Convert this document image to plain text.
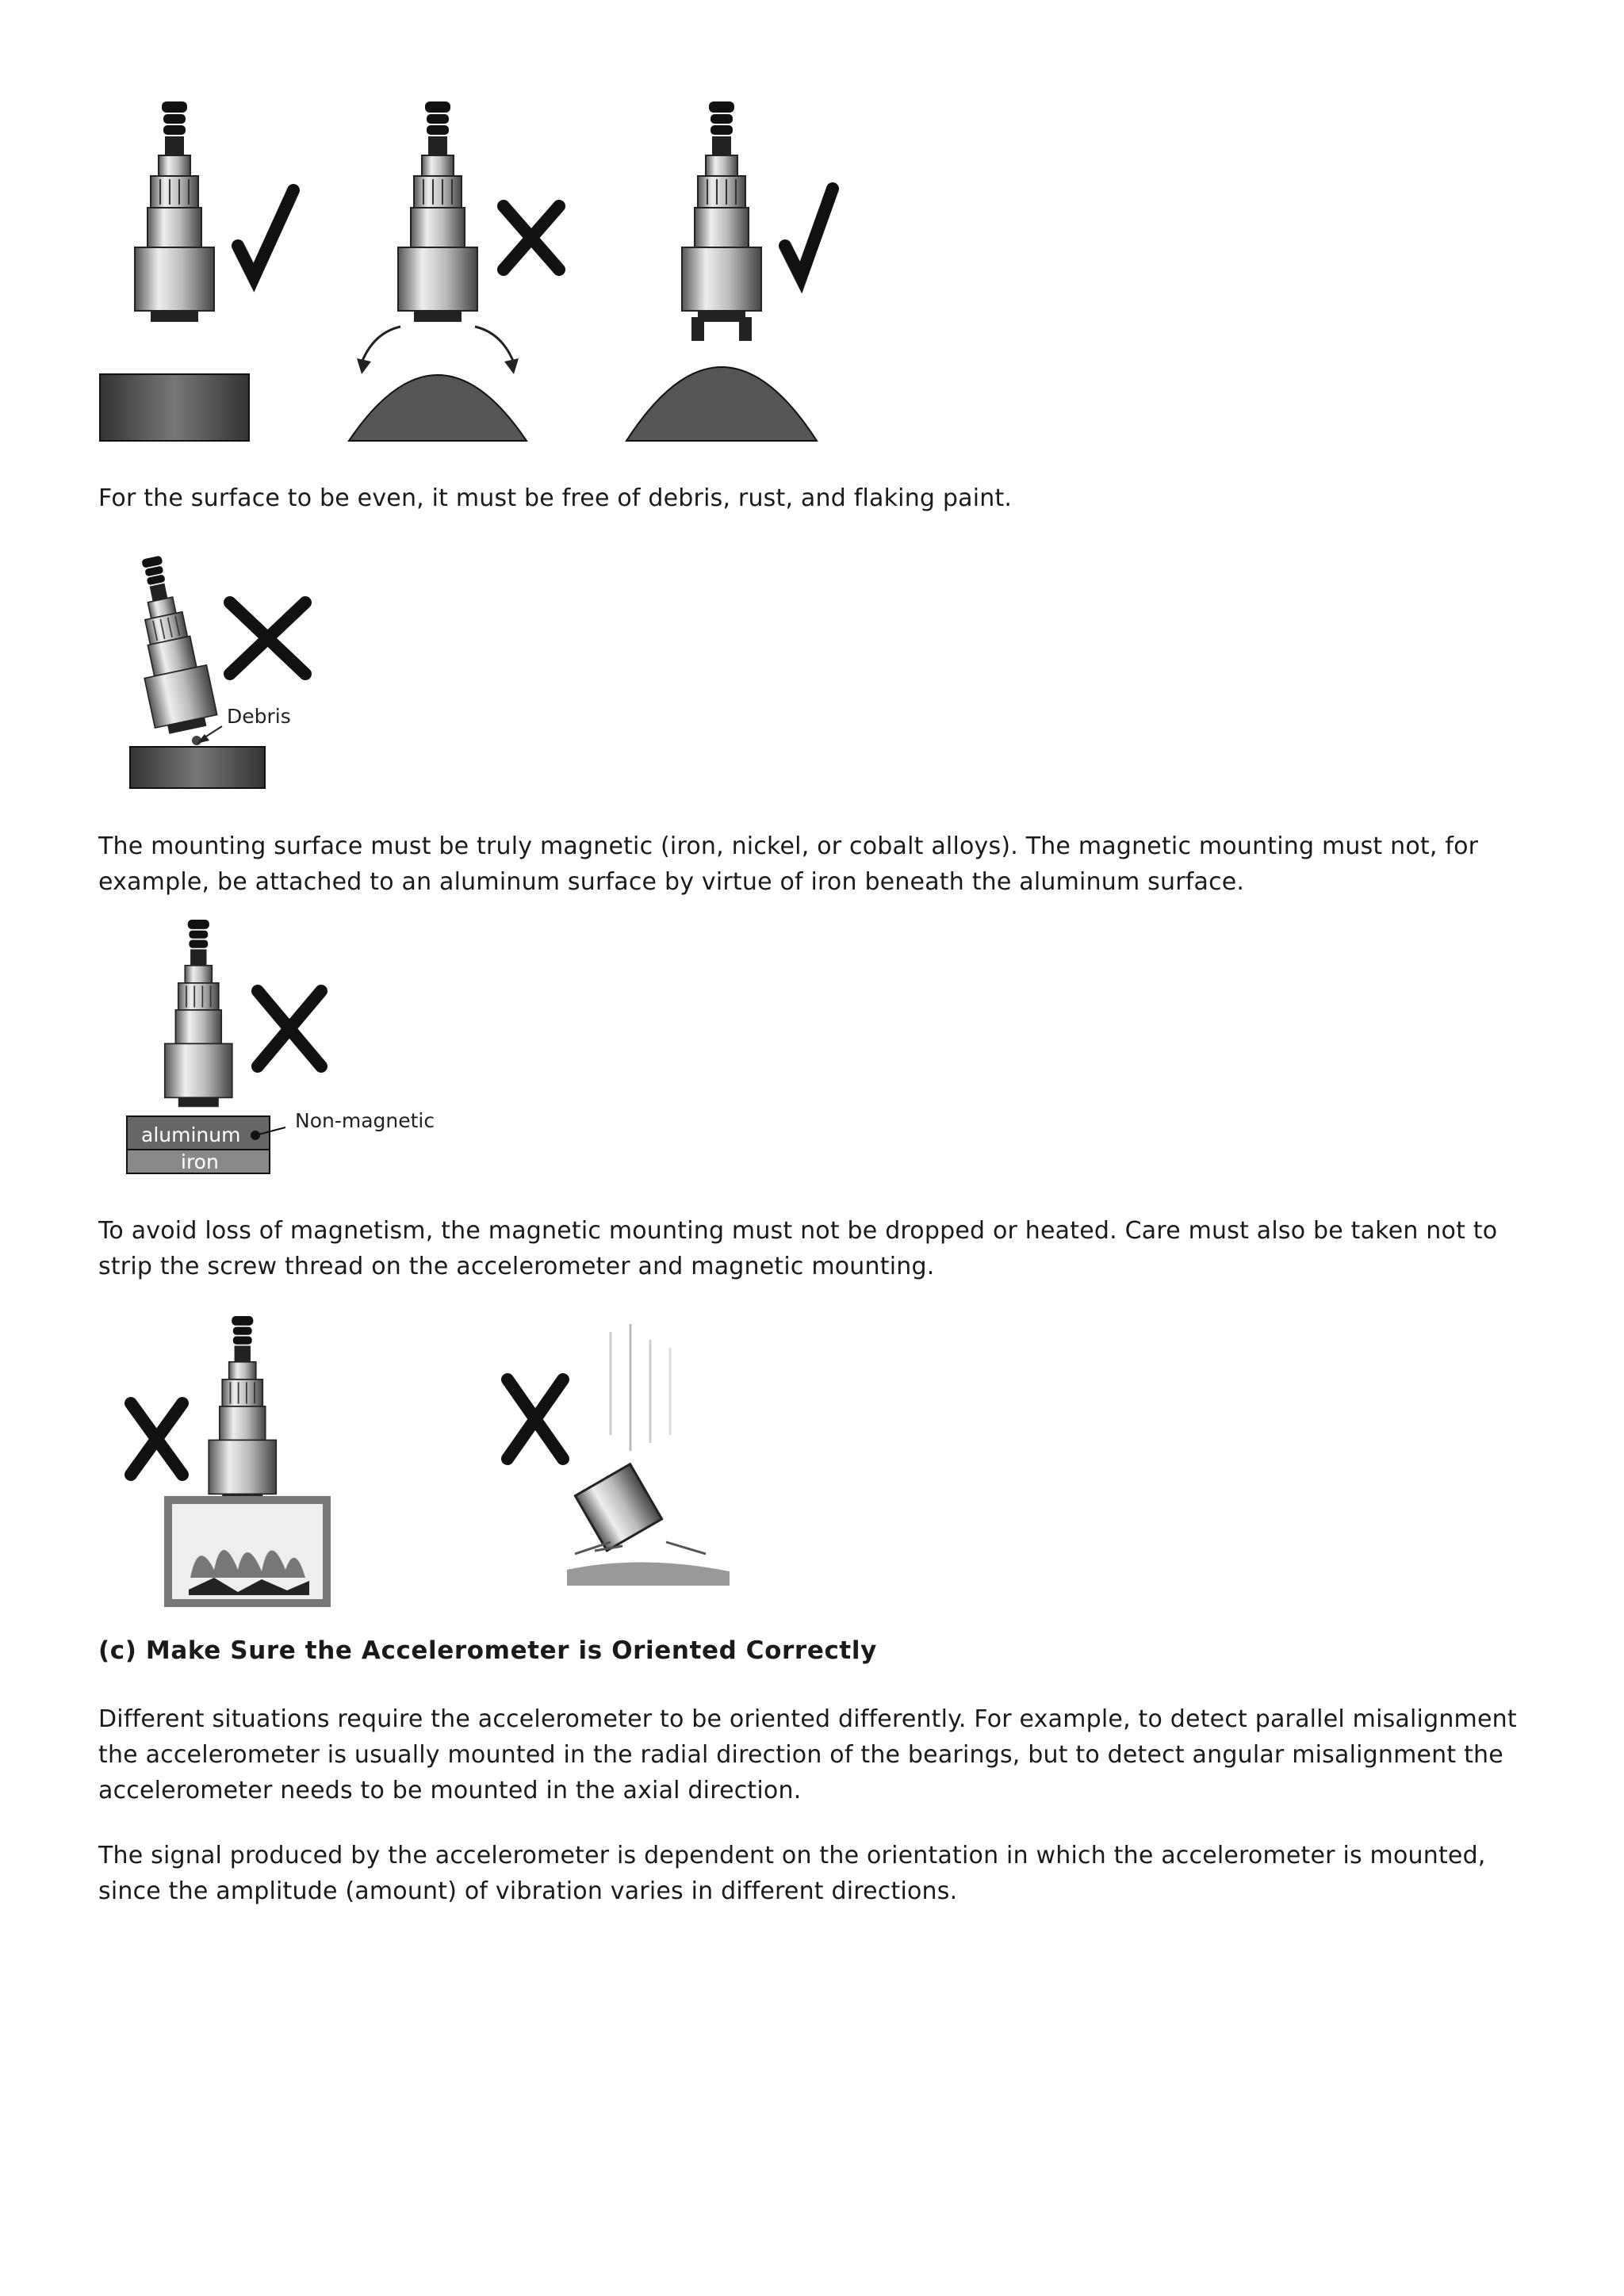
For the surface to be even, it must be free of debris, rust, and flaking paint.

Debris

The mounting surface must be truly magnetic (iron, nickel, or cobalt alloys). The magnetic mounting must not, for example, be attached to an aluminum surface by virtue of iron beneath the aluminum surface.

aluminum
iron
Non-magnetic

To avoid loss of magnetism, the magnetic mounting must not be dropped or heated. Care must also be taken not to strip the screw thread on the accelerometer and magnetic mounting.

(c) Make Sure the Accelerometer is Oriented Correctly

Different situations require the accelerometer to be oriented differently. For example, to detect parallel misalignment the accelerometer is usually mounted in the radial direction of the bearings, but to detect angular misalignment the accelerometer needs to be mounted in the axial direction.

The signal produced by the accelerometer is dependent on the orientation in which the accelerometer is mounted, since the amplitude (amount) of vibration varies in different directions.
